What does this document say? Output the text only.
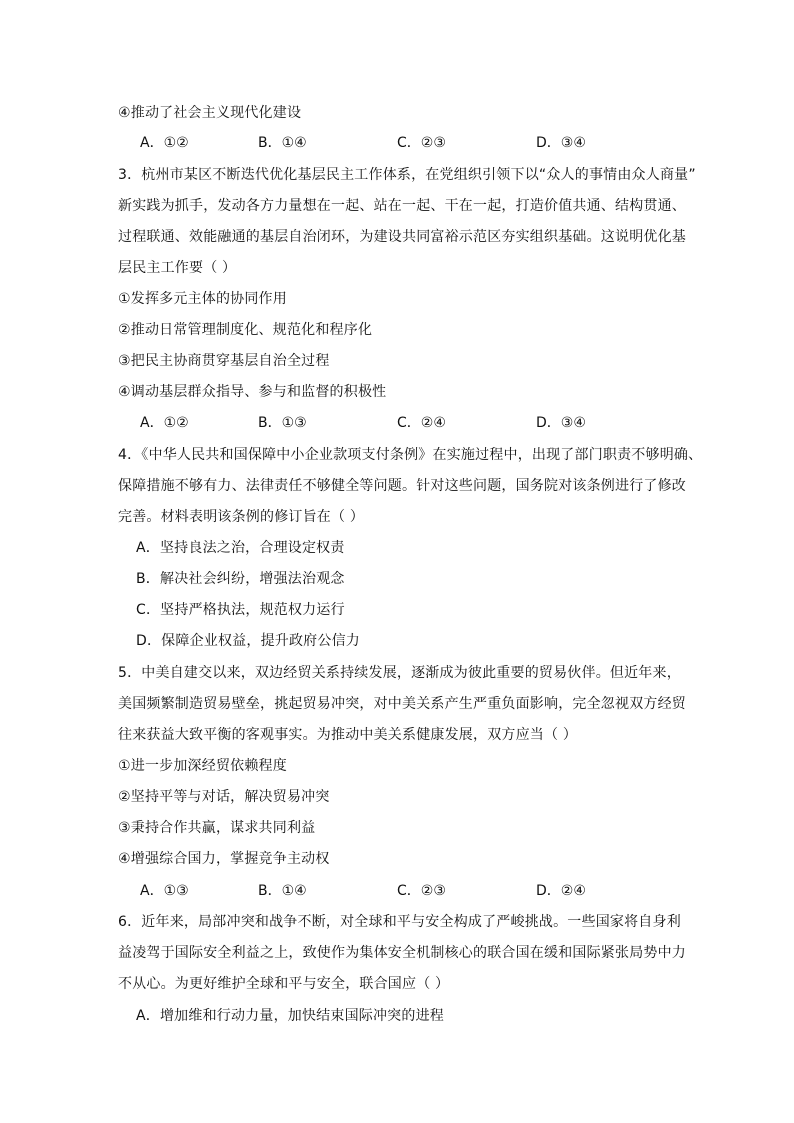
④推动了社会主义现代化建设
A．①②	B．①④	C．②③	D．③④
3．杭州市某区不断迭代优化基层民主工作体系，在党组织引领下以“众人的事情由众人商量”
新实践为抓手，发动各方力量想在一起、站在一起、干在一起，打造价值共通、结构贯通、
过程联通、效能融通的基层自治闭环，为建设共同富裕示范区夯实组织基础。这说明优化基
层民主工作要（ ）
①发挥多元主体的协同作用
②推动日常管理制度化、规范化和程序化
③把民主协商贯穿基层自治全过程
④调动基层群众指导、参与和监督的积极性
A．①②	B．①③	C．②④	D．③④
4．《中华人民共和国保障中小企业款项支付条例》在实施过程中，出现了部门职责不够明确、
保障措施不够有力、法律责任不够健全等问题。针对这些问题，国务院对该条例进行了修改
完善。材料表明该条例的修订旨在（ ）
A．坚持良法之治，合理设定权责
B．解决社会纠纷，增强法治观念
C．坚持严格执法，规范权力运行
D．保障企业权益，提升政府公信力
5．中美自建交以来，双边经贸关系持续发展，逐渐成为彼此重要的贸易伙伴。但近年来，
美国频繁制造贸易壁垒，挑起贸易冲突，对中美关系产生严重负面影响，完全忽视双方经贸
往来获益大致平衡的客观事实。为推动中美关系健康发展，双方应当（ ）
①进一步加深经贸依赖程度
②坚持平等与对话，解决贸易冲突
③秉持合作共赢，谋求共同利益
④增强综合国力，掌握竞争主动权
A．①③	B．①④	C．②③	D．②④
6．近年来，局部冲突和战争不断，对全球和平与安全构成了严峻挑战。一些国家将自身利
益凌驾于国际安全利益之上，致使作为集体安全机制核心的联合国在缓和国际紧张局势中力
不从心。为更好维护全球和平与安全，联合国应（ ）
A．增加维和行动力量，加快结束国际冲突的进程
